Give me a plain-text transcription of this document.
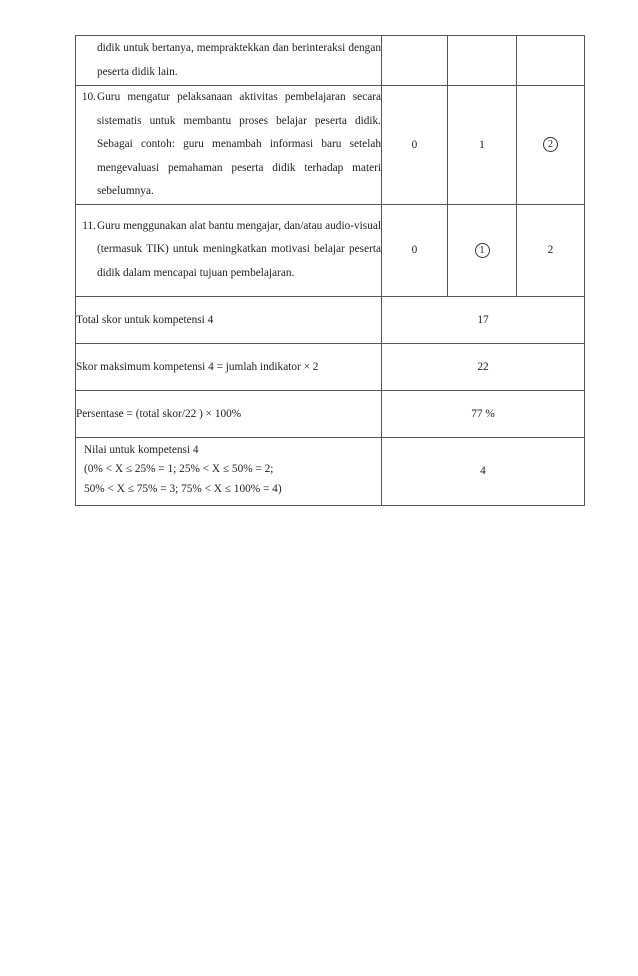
didik untuk bertanya, mempraktekkan dan berinteraksi dengan peserta didik lain.			

10. Guru mengatur pelaksanaan aktivitas pembelajaran secara sistematis untuk membantu proses belajar peserta didik. Sebagai contoh: guru menambah informasi baru setelah mengevaluasi pemahaman peserta didik terhadap materi sebelumnya.	0	1	2

11. Guru menggunakan alat bantu mengajar, dan/atau audio-visual (termasuk TIK) untuk meningkatkan motivasi belajar peserta didik dalam mencapai tujuan pembelajaran.	0	1	2
Total skor untuk kompetensi 4	17		
Skor maksimum kompetensi 4 = jumlah indikator × 2	22		
Persentase = (total skor/22 ) × 100%	77 %		

Nilai untuk kompetensi 4
(0% < X ≤ 25% = 1; 25% < X ≤ 50% = 2;
50% < X ≤ 75% = 3; 75% < X ≤ 100% = 4)	4		
